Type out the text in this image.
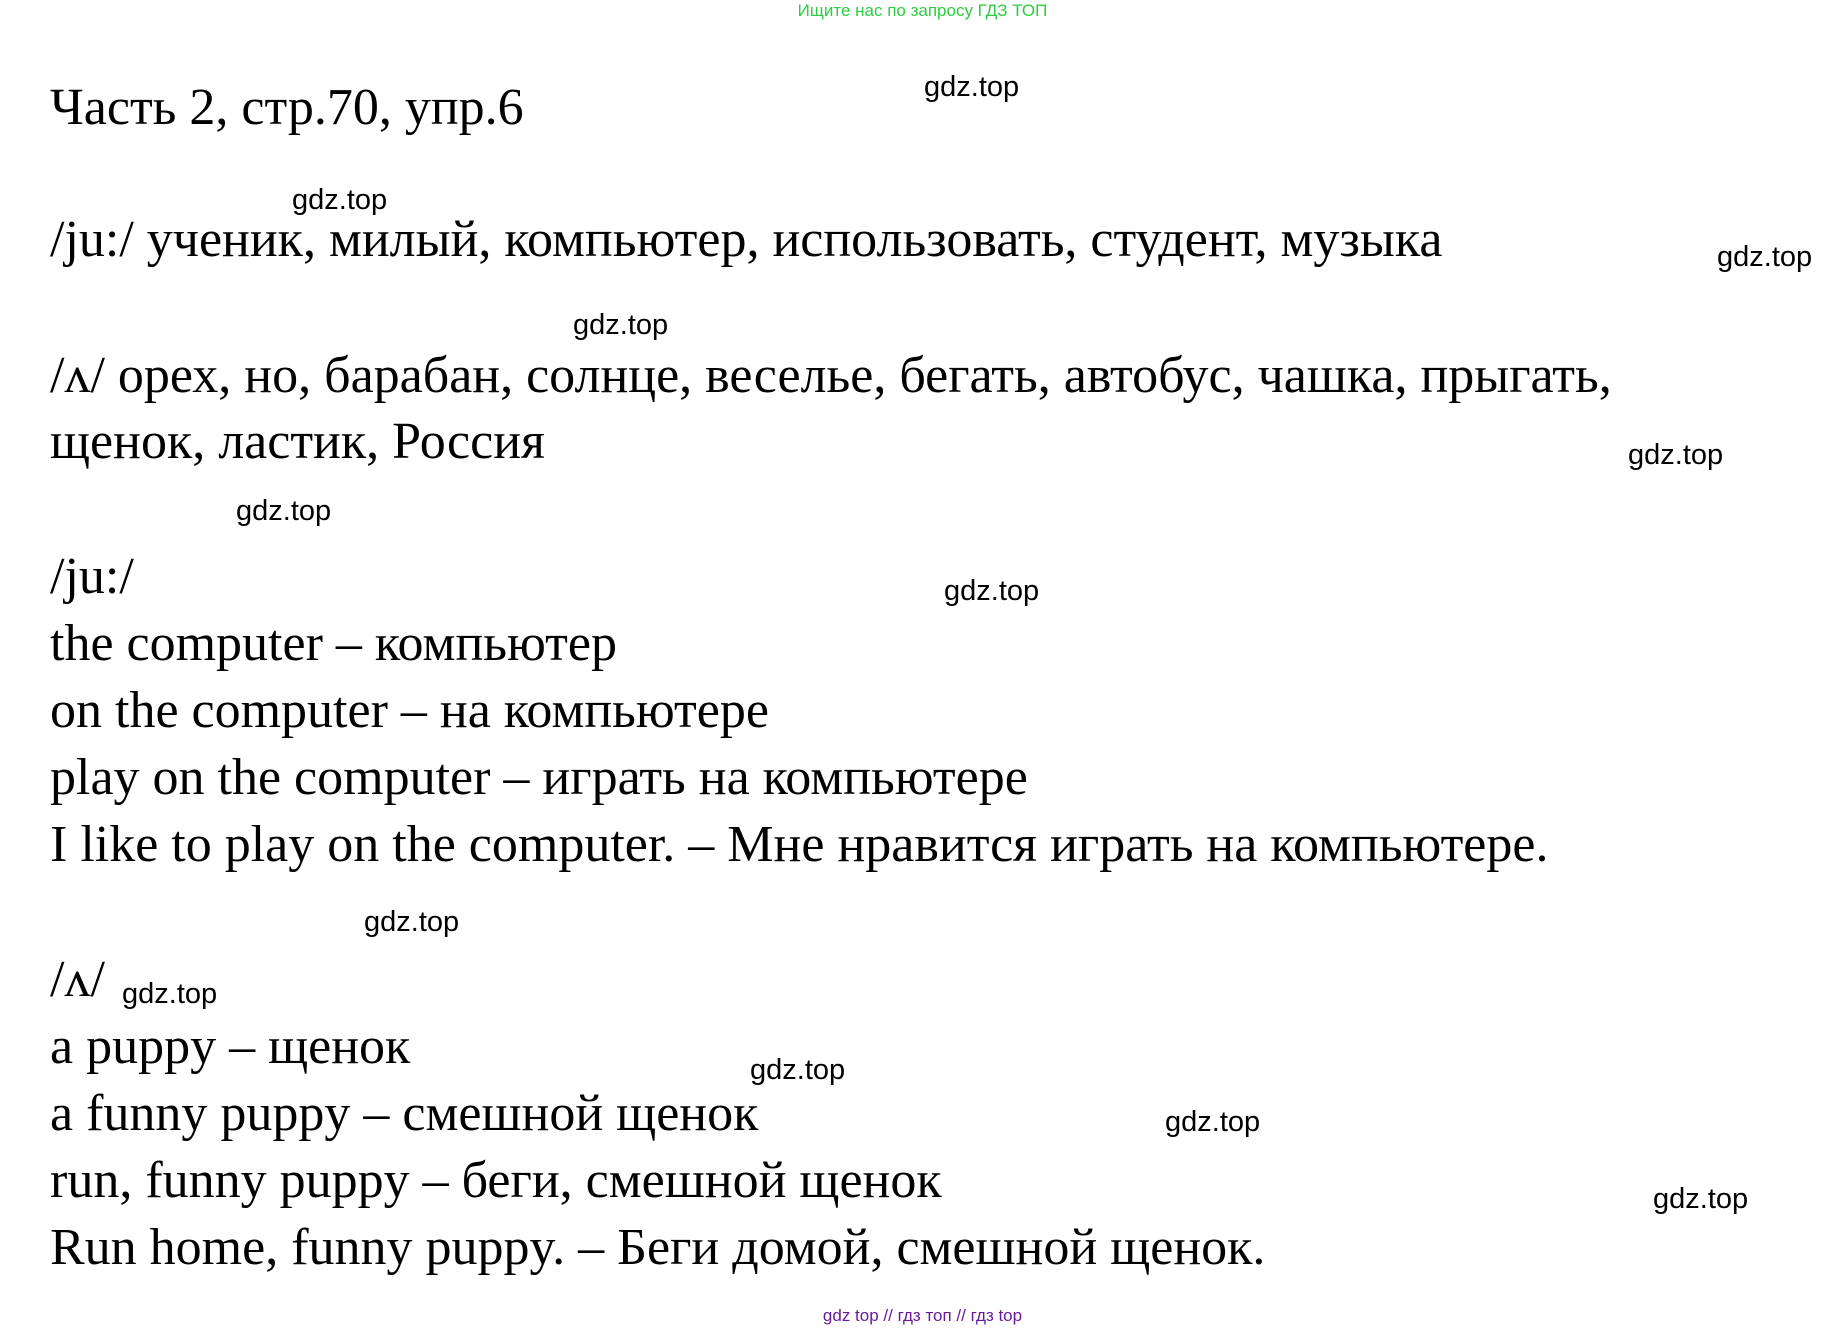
Ищите нас по запросу ГДЗ ТОП
Часть 2, стр.70, упр.6
/ju:/ ученик, милый, компьютер, использовать, студент, музыка
/ʌ/ орех, но, барабан, солнце, веселье, бегать, автобус, чашка, прыгать,
щенок, ластик, Россия
/ju:/
the computer – компьютер
on the computer – на компьютере
play on the computer – играть на компьютере
I like to play on the computer. – Мне нравится играть на компьютере.
/ʌ/
a puppy – щенок
a funny puppy – смешной щенок
run, funny puppy – беги, смешной щенок
Run home, funny puppy. – Беги домой, смешной щенок.
gdz.top
gdz.top
gdz.top
gdz.top
gdz.top
gdz.top
gdz.top
gdz.top
gdz.top
gdz.top
gdz.top
gdz.top
gdz top // гдз топ // гдз top
